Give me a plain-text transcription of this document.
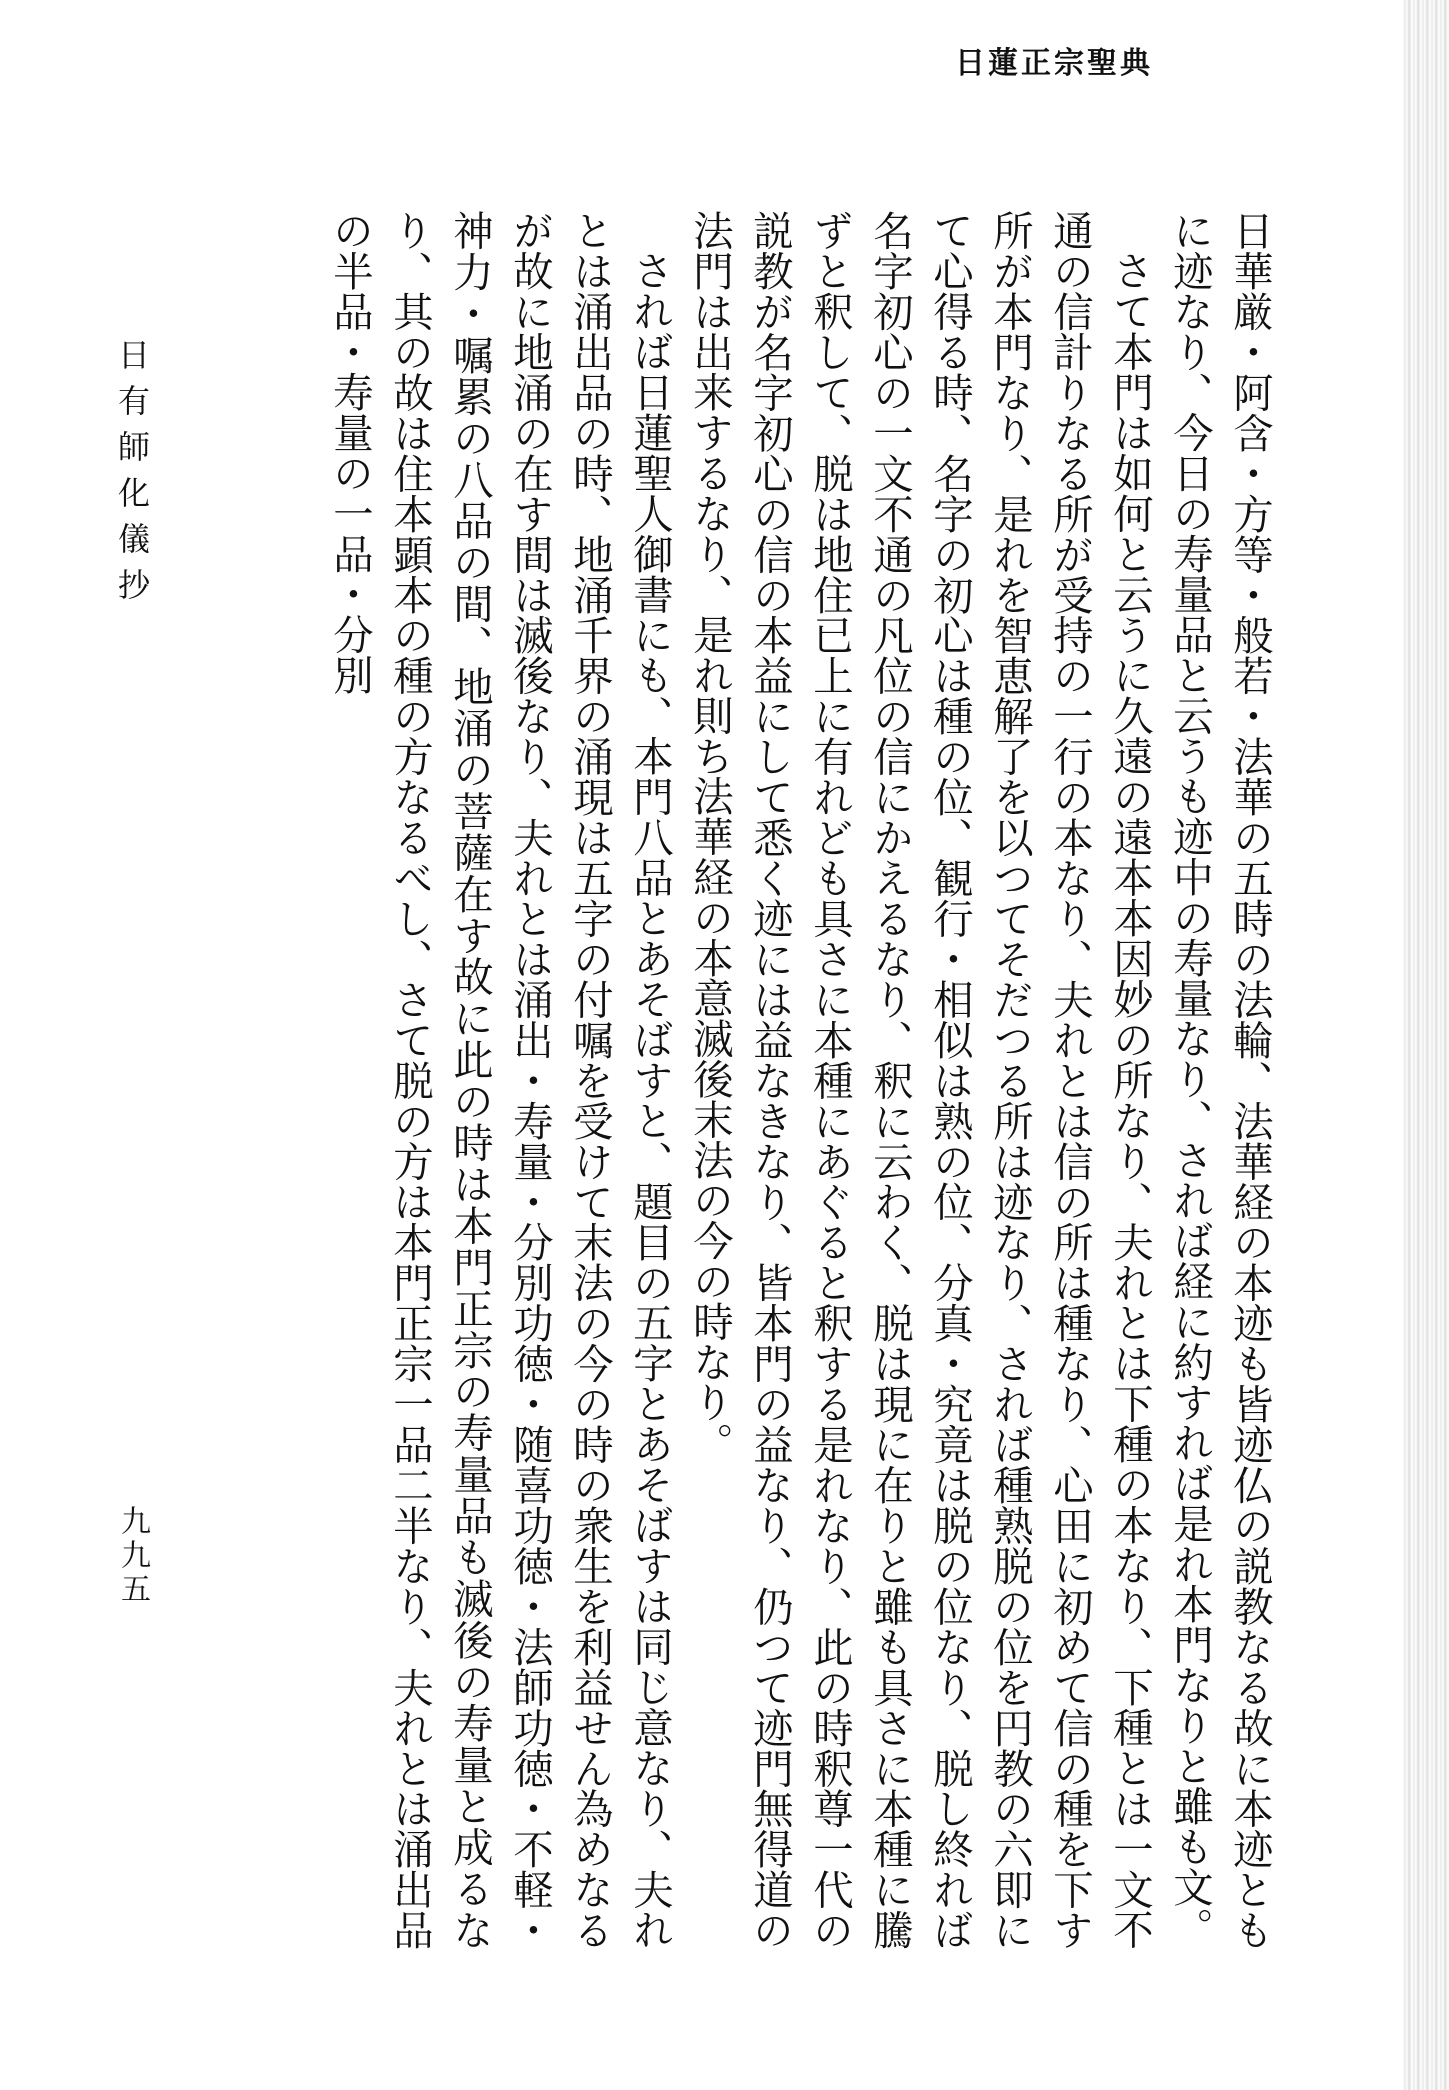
日蓮正宗聖典

日華厳・阿含・方等・般若・法華の五時の法輪、法華経の本迹も皆迹仏の説教なる故に本迹ともに迹なり、今日の寿量品と云うも迹中の寿量なり、されば経に約すれば是れ本門なりと雖も文。

さて本門は如何と云うに久遠の遠本本因妙の所なり、夫れとは下種の本なり、下種とは一文不通の信計りなる所が受持の一行の本なり、夫れとは信の所は種なり、心田に初めて信の種を下す所が本門なり、是れを智恵解了を以つてそだつる所は迹なり、されば種熟脱の位を円教の六即にて心得る時、名字の初心は種の位、観行・相似は熟の位、分真・究竟は脱の位なり、脱し終れば名字初心の一文不通の凡位の信にかえるなり、釈に云わく、脱は現に在りと雖も具さに本種に騰ずと釈して、脱は地住已上に有れども具さに本種にあぐると釈する是れなり、此の時釈尊一代の説教が名字初心の信の本益にして悉く迹には益なきなり、皆本門の益なり、仍つて迹門無得道の法門は出来するなり、是れ則ち法華経の本意滅後末法の今の時なり。

されば日蓮聖人御書にも、本門八品とあそばすと、題目の五字とあそばすは同じ意なり、夫れとは涌出品の時、地涌千界の涌現は五字の付嘱を受けて末法の今の時の衆生を利益せん為めなるが故に地涌の在す間は滅後なり、夫れとは涌出・寿量・分別功徳・随喜功徳・法師功徳・不軽・神力・嘱累の八品の間、地涌の菩薩在す故に此の時は本門正宗の寿量品も滅後の寿量と成るなり、其の故は住本顕本の種の方なるべし、さて脱の方は本門正宗一品二半なり、夫れとは涌出品の半品・寿量の一品・分別

日有師化儀抄
九九五
